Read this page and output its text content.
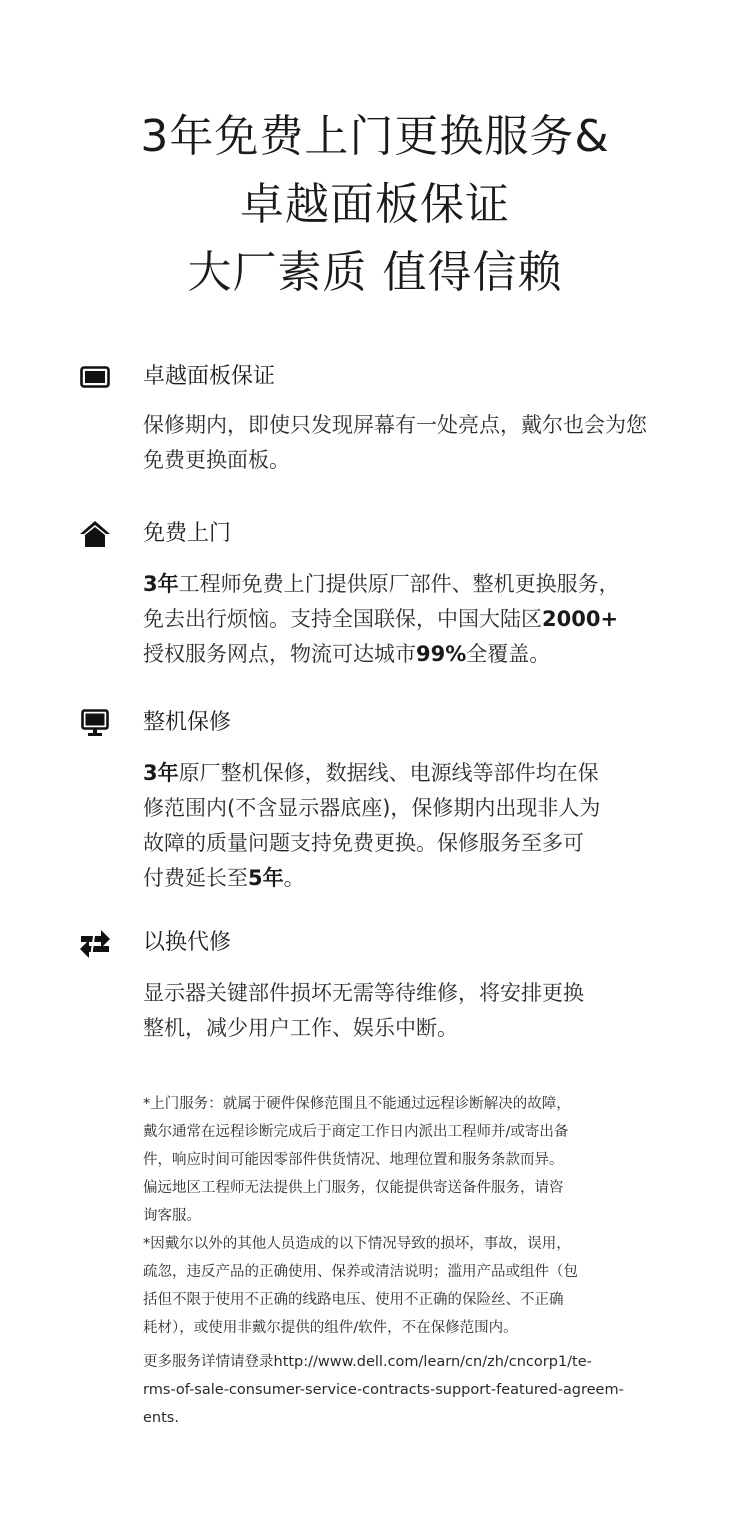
3年免费上门更换服务&
卓越面板保证
大厂素质 值得信赖
卓越面板保证
保修期内，即使只发现屏幕有一处亮点，戴尔也会为您
免费更换面板。
免费上门
3年工程师免费上门提供原厂部件、整机更换服务，
免去出行烦恼。支持全国联保，中国大陆区2000+
授权服务网点，物流可达城市99%全覆盖。
整机保修
3年原厂整机保修，数据线、电源线等部件均在保
修范围内(不含显示器底座)，保修期内出现非人为
故障的质量问题支持免费更换。保修服务至多可
付费延长至5年。
以换代修
显示器关键部件损坏无需等待维修，将安排更换
整机，减少用户工作、娱乐中断。
*上门服务：就属于硬件保修范围且不能通过远程诊断解决的故障，
戴尔通常在远程诊断完成后于商定工作日内派出工程师并/或寄出备
件，响应时间可能因零部件供货情况、地理位置和服务条款而异。
偏远地区工程师无法提供上门服务，仅能提供寄送备件服务，请咨
询客服。
*因戴尔以外的其他人员造成的以下情况导致的损坏，事故，误用，
疏忽，违反产品的正确使用、保养或清洁说明；滥用产品或组件（包
括但不限于使用不正确的线路电压、使用不正确的保险丝、不正确
耗材），或使用非戴尔提供的组件/软件，不在保修范围内。
更多服务详情请登录http://www.dell.com/learn/cn/zh/cncorp1/te-
rms-of-sale-consumer-service-contracts-support-featured-agreem-
ents.
